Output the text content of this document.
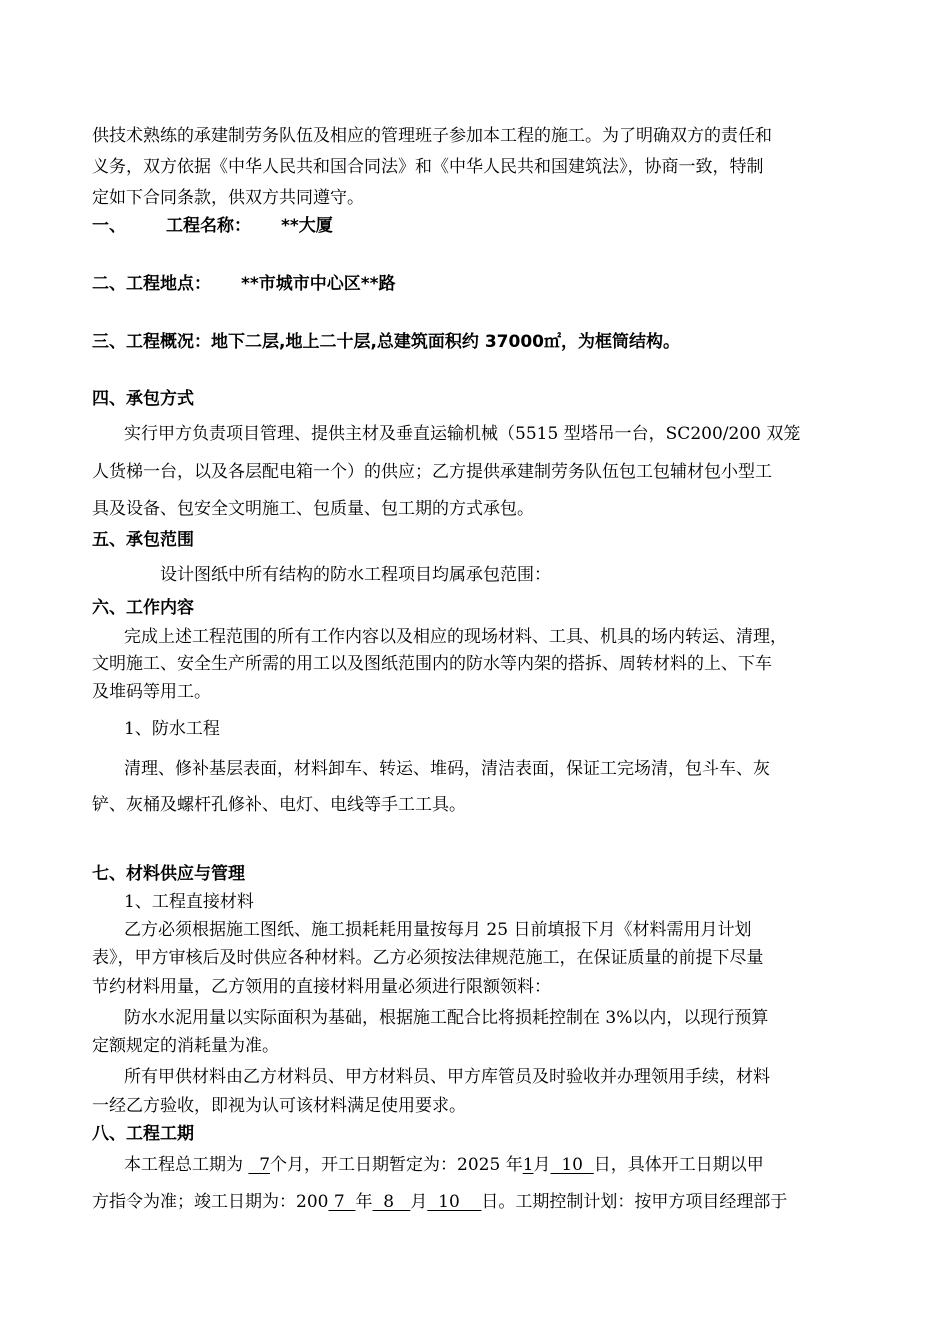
供技术熟练的承建制劳务队伍及相应的管理班子参加本工程的施工。为了明确双方的责任和
义务，双方依据《中华人民共和国合同法》和《中华人民共和国建筑法》，协商一致，特制
定如下合同条款，供双方共同遵守。
一、 工程名称： **大厦
二、工程地点： **市城市中心区**路
三、工程概况：地下二层,地上二十层,总建筑面积约 37000㎡，为框筒结构。
四、承包方式
实行甲方负责项目管理、提供主材及垂直运输机械（5515 型塔吊一台，SC200/200 双笼
人货梯一台，以及各层配电箱一个）的供应；乙方提供承建制劳务队伍包工包辅材包小型工
具及设备、包安全文明施工、包质量、包工期的方式承包。
五、承包范围
设计图纸中所有结构的防水工程项目均属承包范围：
六、工作内容
完成上述工程范围的所有工作内容以及相应的现场材料、工具、机具的场内转运、清理，
文明施工、安全生产所需的用工以及图纸范围内的防水等内架的搭拆、周转材料的上、下车
及堆码等用工。
1、防水工程
清理、修补基层表面，材料卸车、转运、堆码，清洁表面，保证工完场清，包斗车、灰
铲、灰桶及螺杆孔修补、电灯、电线等手工工具。
七、材料供应与管理
1、工程直接材料
乙方必须根据施工图纸、施工损耗耗用量按每月 25 日前填报下月《材料需用月计划
表》，甲方审核后及时供应各种材料。乙方必须按法律规范施工，在保证质量的前提下尽量
节约材料用量，乙方领用的直接材料用量必须进行限额领料：
防水水泥用量以实际面积为基础，根据施工配合比将损耗控制在 3%以内，以现行预算
定额规定的消耗量为准。
所有甲供材料由乙方材料员、甲方材料员、甲方库管员及时验收并办理领用手续，材料
一经乙方验收，即视为认可该材料满足使用要求。
八、工程工期
本工程总工期为   7个月，开工日期暂定为：2025 年1月  10  日，具体开工日期以甲
方指令为准；竣工日期为：200 7  年  8   月  10    日。工期控制计划：按甲方项目经理部于
